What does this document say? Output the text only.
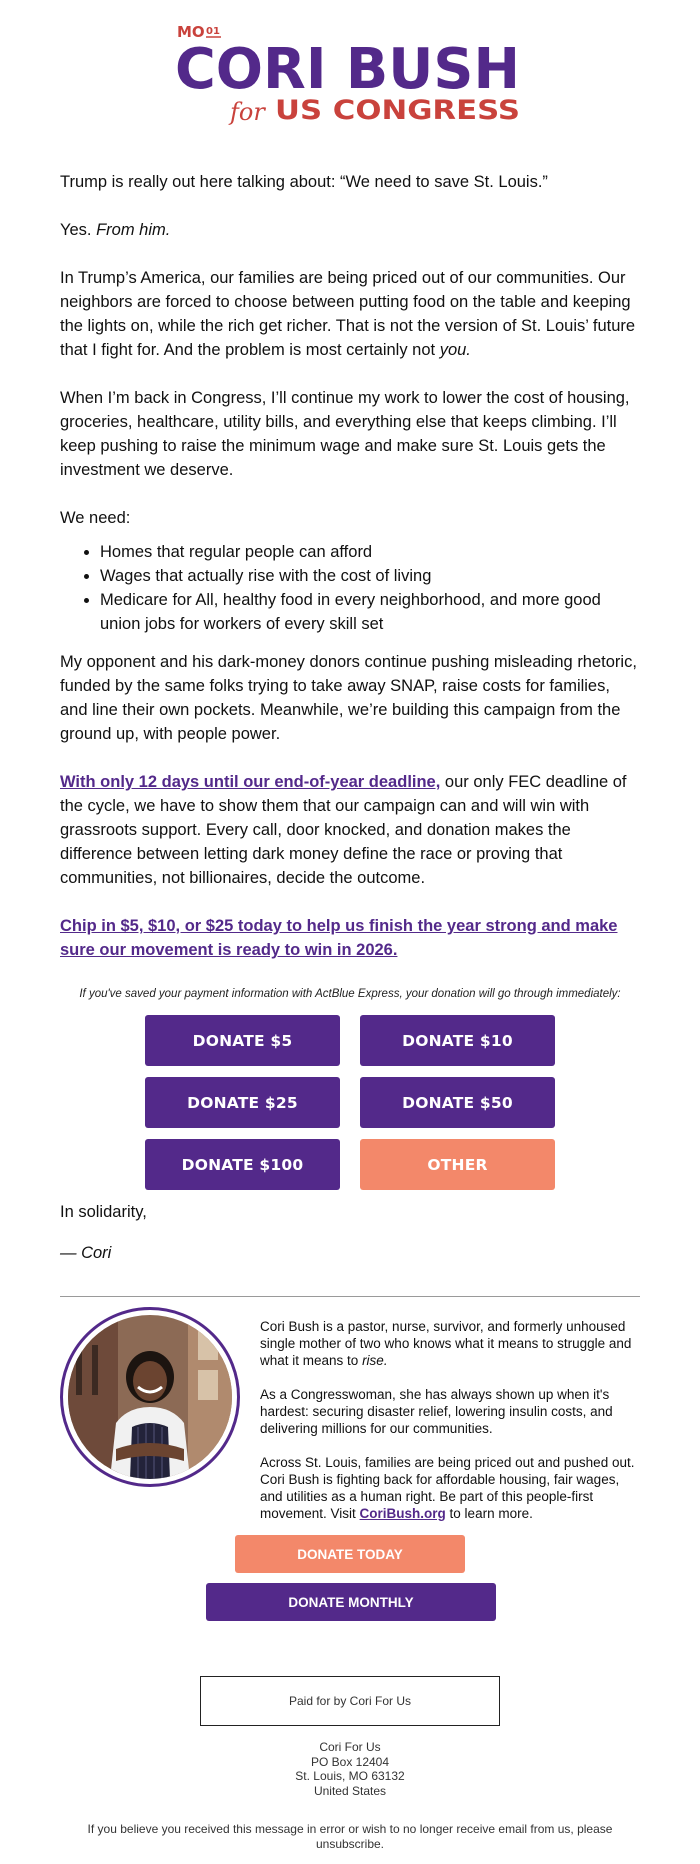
MO 01
CORI BUSH
for US CONGRESS

Trump is really out here talking about: “We need to save St. Louis.”

Yes. From him.

In Trump’s America, our families are being priced out of our communities. Our neighbors are forced to choose between putting food on the table and keeping the lights on, while the rich get richer. That is not the version of St. Louis’ future that I fight for. And the problem is most certainly not you.

When I’m back in Congress, I’ll continue my work to lower the cost of housing, groceries, healthcare, utility bills, and everything else that keeps climbing. I’ll keep pushing to raise the minimum wage and make sure St. Louis gets the investment we deserve.

We need:

• Homes that regular people can afford
• Wages that actually rise with the cost of living
• Medicare for All, healthy food in every neighborhood, and more good union jobs for workers of every skill set

My opponent and his dark-money donors continue pushing misleading rhetoric, funded by the same folks trying to take away SNAP, raise costs for families, and line their own pockets. Meanwhile, we’re building this campaign from the ground up, with people power.

With only 12 days until our end-of-year deadline, our only FEC deadline of the cycle, we have to show them that our campaign can and will win with grassroots support. Every call, door knocked, and donation makes the difference between letting dark money define the race or proving that communities, not billionaires, decide the outcome.

Chip in $5, $10, or $25 today to help us finish the year strong and make sure our movement is ready to win in 2026.

If you've saved your payment information with ActBlue Express, your donation will go through immediately:
DONATE $5	DONATE $10
DONATE $25	DONATE $50
DONATE $100	OTHER
In solidarity,
— Cori

Cori Bush is a pastor, nurse, survivor, and formerly unhoused single mother of two who knows what it means to struggle and what it means to rise.

As a Congresswoman, she has always shown up when it's hardest: securing disaster relief, lowering insulin costs, and delivering millions for our communities.

Across St. Louis, families are being priced out and pushed out. Cori Bush is fighting back for affordable housing, fair wages, and utilities as a human right. Be part of this people-first movement. Visit CoriBush.org to learn more.

DONATE TODAY
DONATE MONTHLY
Paid for by Cori For Us
Cori For Us
PO Box 12404
St. Louis, MO 63132
United States
If you believe you received this message in error or wish to no longer receive email from us, please unsubscribe.
